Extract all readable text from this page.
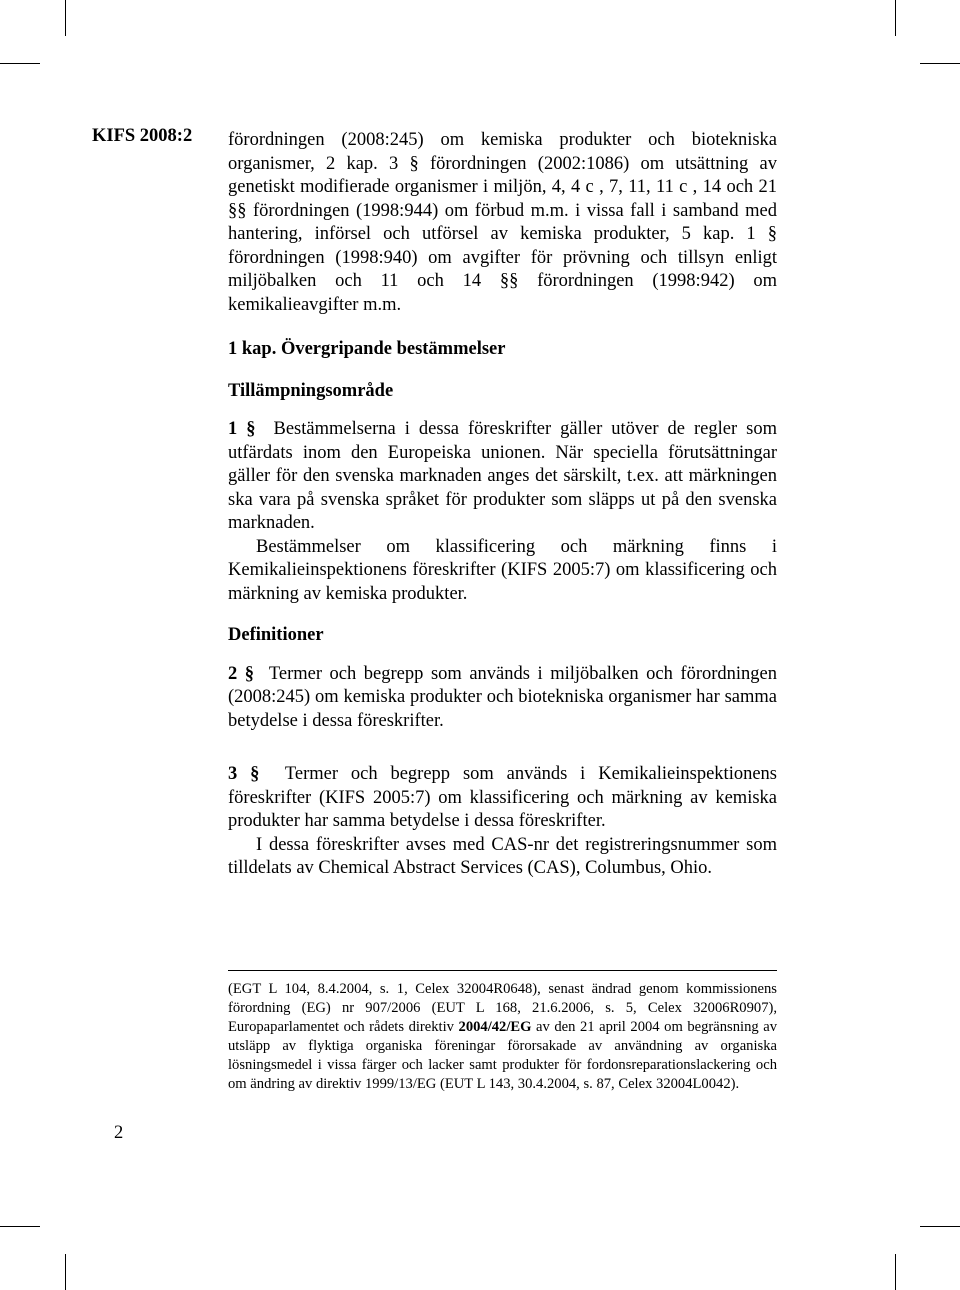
KIFS 2008:2 förordningen (2008:245) om kemiska produkter och biotekniska organismer, 2 kap. 3 § förordningen (2002:1086) om utsättning av genetiskt modifierade organismer i miljön, 4, 4 c , 7, 11, 11 c , 14 och 21 §§ förordningen (1998:944) om förbud m.m. i vissa fall i samband med hantering, införsel och utförsel av kemiska produkter, 5 kap. 1 § förordningen (1998:940) om avgifter för prövning och tillsyn enligt miljöbalken och 11 och 14 §§ förordningen (1998:942) om kemikalieavgifter m.m.

1 kap. Övergripande bestämmelser

Tillämpningsområde

1 § Bestämmelserna i dessa föreskrifter gäller utöver de regler som utfärdats inom den Europeiska unionen. När speciella förutsättningar gäller för den svenska marknaden anges det särskilt, t.ex. att märkningen ska vara på svenska språket för produkter som släpps ut på den svenska marknaden.

Bestämmelser om klassificering och märkning finns i Kemikalieinspektionens föreskrifter (KIFS 2005:7) om klassificering och märkning av kemiska produkter.

Definitioner

2 § Termer och begrepp som används i miljöbalken och förordningen (2008:245) om kemiska produkter och biotekniska organismer har samma betydelse i dessa föreskrifter.

3 § Termer och begrepp som används i Kemikalieinspektionens föreskrifter (KIFS 2005:7) om klassificering och märkning av kemiska produkter har samma betydelse i dessa föreskrifter.

I dessa föreskrifter avses med CAS-nr det registreringsnummer som tilldelats av Chemical Abstract Services (CAS), Columbus, Ohio.

(EGT L 104, 8.4.2004, s. 1, Celex 32004R0648), senast ändrad genom kommissionens förordning (EG) nr 907/2006 (EUT L 168, 21.6.2006, s. 5, Celex 32006R0907), Europaparlamentet och rådets direktiv 2004/42/EG av den 21 april 2004 om begränsning av utsläpp av flyktiga organiska föreningar förorsakade av användning av organiska lösningsmedel i vissa färger och lacker samt produkter för fordonsreparationslackering och om ändring av direktiv 1999/13/EG (EUT L 143, 30.4.2004, s. 87, Celex 32004L0042).

2
